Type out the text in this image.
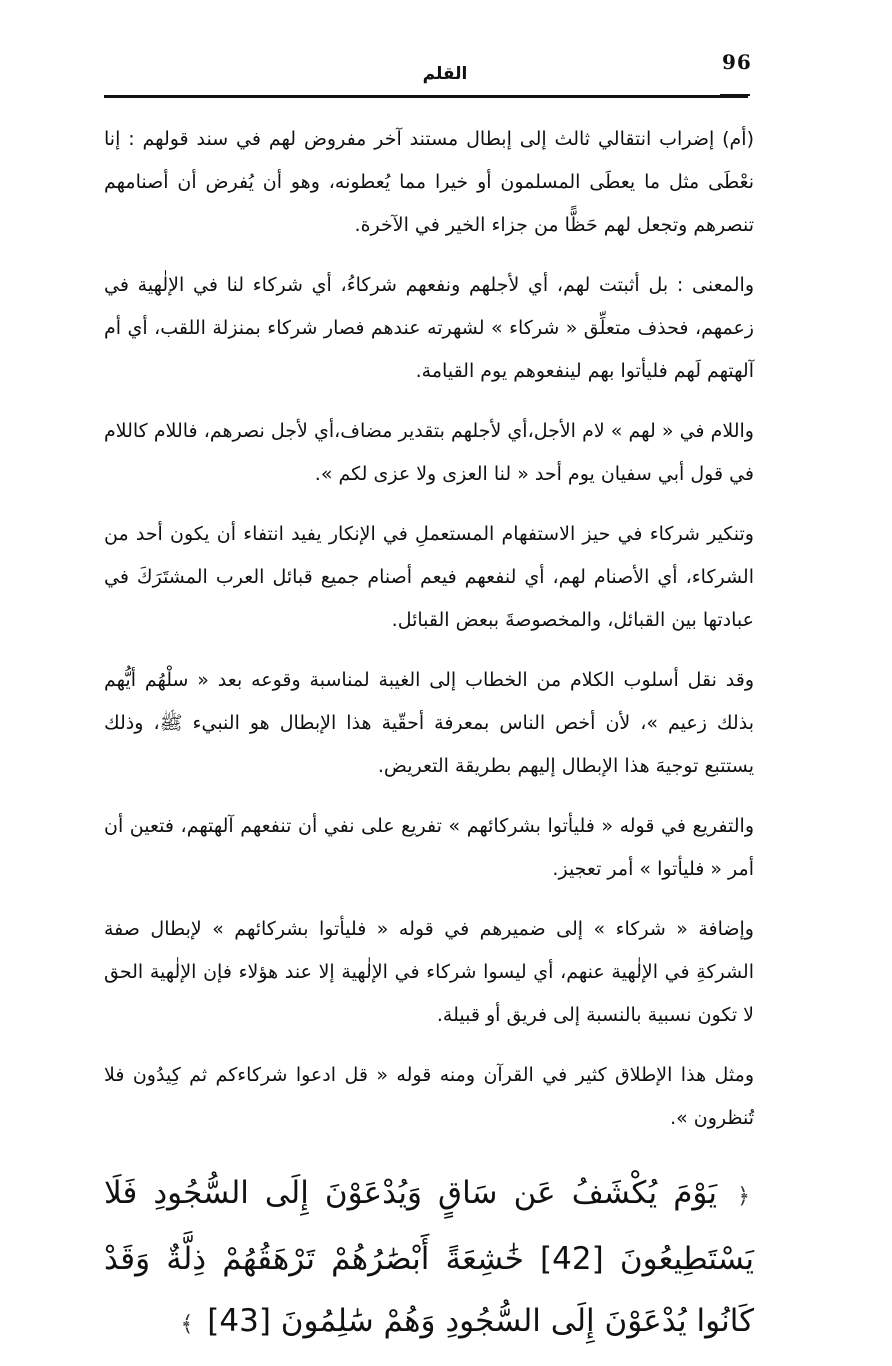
96
القلم

(أم) إضراب انتقالي ثالث إلى إبطال مستند آخر مفروض لهم في سند قولهم : إنا نعْطَى مثل ما يعطَى المسلمون أو خيرا مما يُعطونه، وهو أن يُفرض أن أصنامهم تنصرهم وتجعل لهم حَظًّا من جزاء الخير في الآخرة.

والمعنى : بل أثبتت لهم، أي لأجلهم ونفعهم شركاءُ، أي شركاء لنا في الإلٰهية في زعمهم، فحذف متعلِّق « شركاء » لشهرته عندهم فصار شركاء بمنزلة اللقب، أي أم آلهتهم لَهم فليأتوا بهم لينفعوهم يوم القيامة.

واللام في « لهم » لام الأجل،أي لأجلهم بتقدير مضاف،أي لأجل نصرهم، فاللام كاللام في قول أبي سفيان يوم أحد « لنا العزى ولا عزى لكم ».

وتنكير شركاء في حيز الاستفهام المستعملِ في الإنكار يفيد انتفاء أن يكون أحد من الشركاء، أي الأصنام لهم، أي لنفعهم فيعم أصنام جميع قبائل العرب المشتَرَكَ في عبادتها بين القبائل، والمخصوصةَ ببعض القبائل.

وقد نقل أسلوب الكلام من الخطاب إلى الغيبة لمناسبة وقوعه بعد « سلْهُم أيُّهم بذلك زعيم »، لأن أخص الناس بمعرفة أحقّية هذا الإبطال هو النبيء ﷺ، وذلك يستتبع توجيهَ هذا الإبطال إليهم بطريقة التعريض.

والتفريع في قوله « فليأتوا بشركائهم » تفريع على نفي أن تنفعهم آلهتهم، فتعين أن أمر « فليأتوا » أمر تعجيز.

وإضافة « شركاء » إلى ضميرهم في قوله « فليأتوا بشركائهم » لإبطال صفة الشركةِ في الإلٰهية عنهم، أي ليسوا شركاء في الإلٰهية إلا عند هؤلاء فإن الإلٰهية الحق لا تكون نسبية بالنسبة إلى فريق أو قبيلة.

ومثل هذا الإطلاق كثير في القرآن ومنه قوله « قل ادعوا شركاءكم ثم كِيدُون فلا تُنظرون ».

﴿ يَوْمَ يُكْشَفُ عَن سَاقٍ وَيُدْعَوْنَ إِلَى السُّجُودِ فَلَا يَسْتَطِيعُونَ [42] خَٰشِعَةً أَبْصَٰرُهُمْ تَرْهَقُهُمْ ذِلَّةٌ وَقَدْ كَانُوا يُدْعَوْنَ إِلَى السُّجُودِ وَهُمْ سَٰلِمُونَ [43] ﴾
